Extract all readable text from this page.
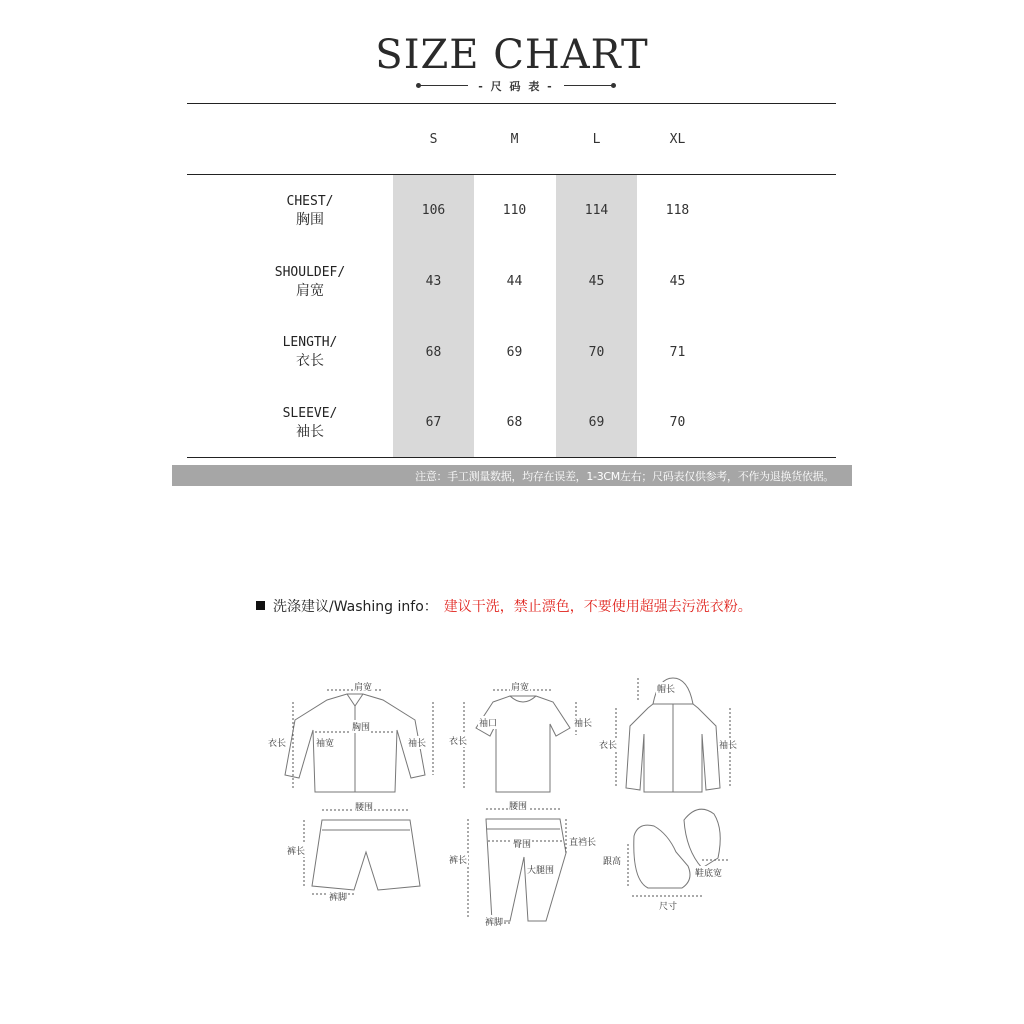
SIZE CHART
- 尺 码 表 -
S	M	L	XL
CHEST/
胸围
106	110	114	118
SHOULDEF/
肩宽
43	44	45	45
LENGTH/
衣长
68	69	70	71
SLEEVE/
袖长
67	68	69	70
注意：手工测量数据，均存在误差，1-3CM左右；尺码表仅供参考，不作为退换货依据。
洗涤建议/Washing info： 建议干洗，禁止漂色，不要使用超强去污洗衣粉。
肩宽
胸围
衣长	袖宽	袖长
肩宽
袖口
衣长
袖长
帽长
衣长	袖长
腰围
裤长
裤脚
腰围
臀围	直裆长
大腿围
裤长
裤脚
跟高
鞋底宽
尺寸
